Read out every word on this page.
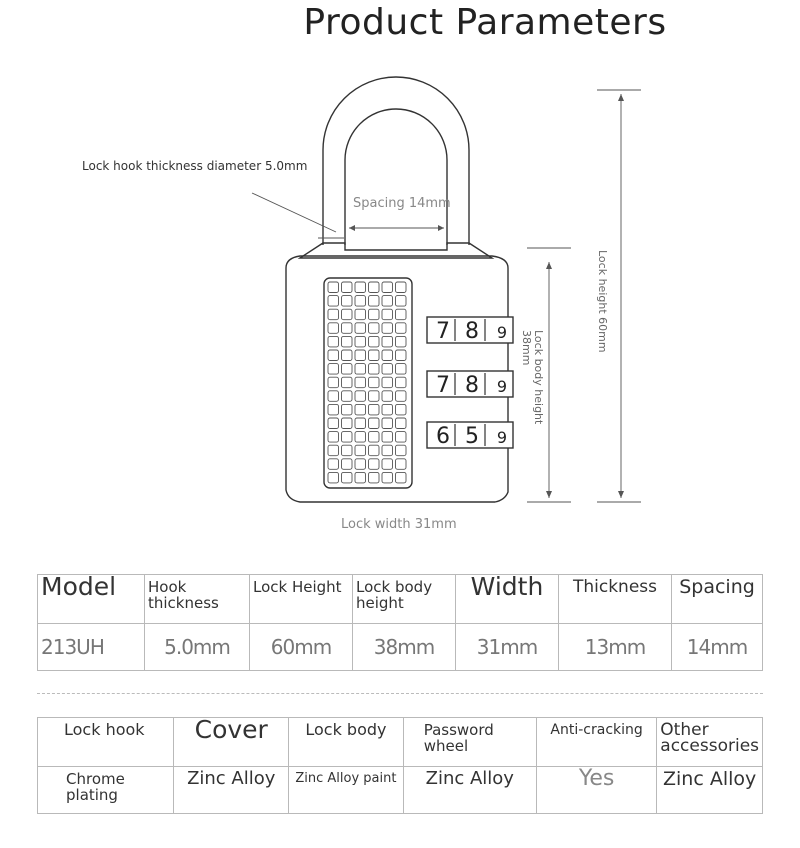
Product Parameters
7 8 9
7 8 9
6 5 9
Lock hook thickness diameter 5.0mm
Spacing 14mm
Lock height 60mm
Lock body height 38mm
Lock width 31mm
Model	Hook thickness	Lock Height	Lock body height	Width	Thickness	Spacing
213UH	5.0mm	60mm	38mm	31mm	13mm	14mm
Lock hook	Cover	Lock body	Password wheel	Anti-cracking	Other accessories
Chrome plating	Zinc Alloy	Zinc Alloy paint	Zinc Alloy	Yes	Zinc Alloy
